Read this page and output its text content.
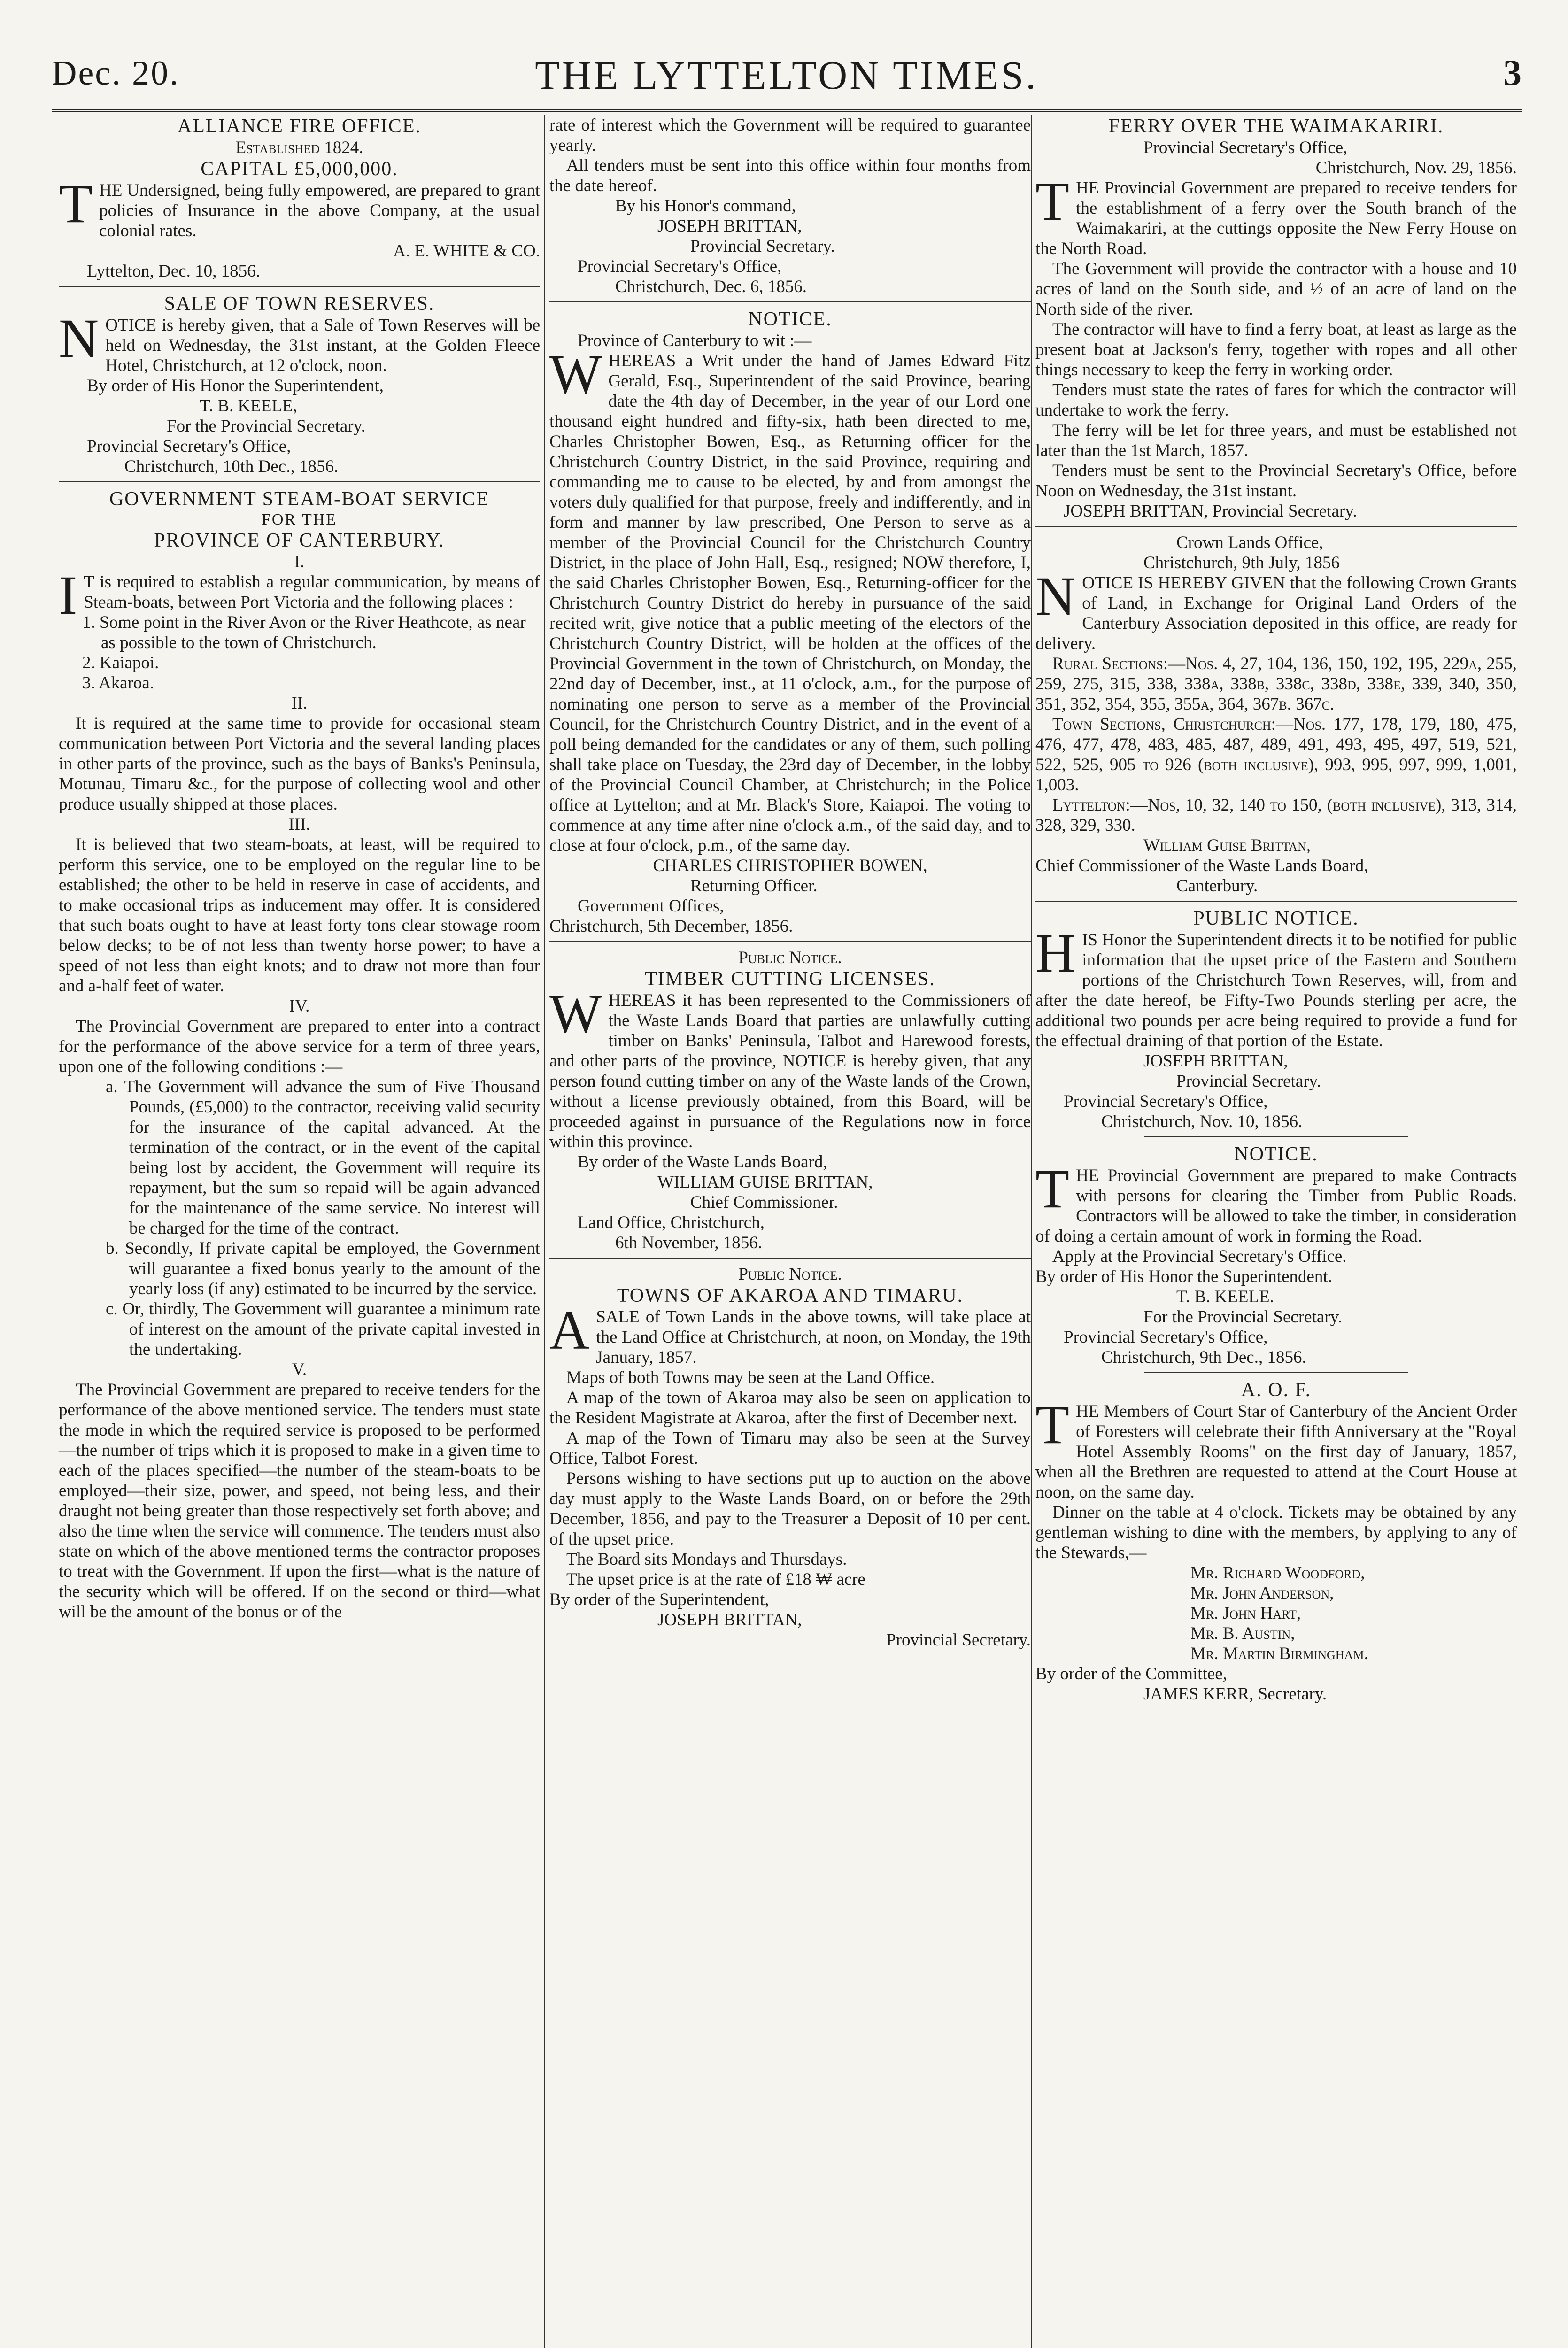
Dec. 20.	THE LYTTELTON TIMES.	3
ALLIANCE FIRE OFFICE.
Established 1824.
CAPITAL £5,000,000.
THE Undersigned, being fully empowered, are prepared to grant policies of Insurance in the above Company, at the usual colonial rates.
A. E. WHITE & CO.
Lyttelton, Dec. 10, 1856.
SALE OF TOWN RESERVES.
NOTICE is hereby given, that a Sale of Town Reserves will be held on Wednesday, the 31st instant, at the Golden Fleece Hotel, Christchurch, at 12 o'clock, noon.
By order of His Honor the Superintendent,
T. B. KEELE,
For the Provincial Secretary.
Provincial Secretary's Office,
Christchurch, 10th Dec., 1856.
GOVERNMENT STEAM-BOAT SERVICE
FOR THE
PROVINCE OF CANTERBURY.
I.
IT is required to establish a regular communication, by means of Steam-boats, between Port Victoria and the following places :
1. Some point in the River Avon or the River Heathcote, as near as possible to the town of Christchurch.
2. Kaiapoi.
3. Akaroa.
II.
It is required at the same time to provide for occasional steam communication between Port Victoria and the several landing places in other parts of the province, such as the bays of Banks's Peninsula, Motunau, Timaru &c., for the purpose of collecting wool and other produce usually shipped at those places.
III.
It is believed that two steam-boats, at least, will be required to perform this service, one to be employed on the regular line to be established; the other to be held in reserve in case of accidents, and to make occasional trips as inducement may offer. It is considered that such boats ought to have at least forty tons clear stowage room below decks; to be of not less than twenty horse power; to have a speed of not less than eight knots; and to draw not more than four and a-half feet of water.
IV.
The Provincial Government are prepared to enter into a contract for the performance of the above service for a term of three years, upon one of the following conditions :—
a. The Government will advance the sum of Five Thousand Pounds, (£5,000) to the contractor, receiving valid security for the insurance of the capital advanced. At the termination of the contract, or in the event of the capital being lost by accident, the Government will require its repayment, but the sum so repaid will be again advanced for the maintenance of the same service. No interest will be charged for the time of the contract.
b. Secondly, If private capital be employed, the Government will guarantee a fixed bonus yearly to the amount of the yearly loss (if any) estimated to be incurred by the service.
c. Or, thirdly, The Government will guarantee a minimum rate of interest on the amount of the private capital invested in the undertaking.
V.
The Provincial Government are prepared to receive tenders for the performance of the above mentioned service. The tenders must state the mode in which the required service is proposed to be performed—the number of trips which it is proposed to make in a given time to each of the places specified—the number of the steam-boats to be employed—their size, power, and speed, not being less, and their draught not being greater than those respectively set forth above; and also the time when the service will commence. The tenders must also state on which of the above mentioned terms the contractor proposes to treat with the Government. If upon the first—what is the nature of the security which will be offered. If on the second or third—what will be the amount of the bonus or of the
rate of interest which the Government will be required to guarantee yearly.
All tenders must be sent into this office within four months from the date hereof.
By his Honor's command,
JOSEPH BRITTAN,
Provincial Secretary.
Provincial Secretary's Office,
Christchurch, Dec. 6, 1856.
NOTICE.
Province of Canterbury to wit :—
WHEREAS a Writ under the hand of James Edward Fitz Gerald, Esq., Superintendent of the said Province, bearing date the 4th day of December, in the year of our Lord one thousand eight hundred and fifty-six, hath been directed to me, Charles Christopher Bowen, Esq., as Returning officer for the Christchurch Country District, in the said Province, requiring and commanding me to cause to be elected, by and from amongst the voters duly qualified for that purpose, freely and indifferently, and in form and manner by law prescribed, One Person to serve as a member of the Provincial Council for the Christchurch Country District, in the place of John Hall, Esq., resigned; NOW therefore, I, the said Charles Christopher Bowen, Esq., Returning-officer for the Christchurch Country District do hereby in pursuance of the said recited writ, give notice that a public meeting of the electors of the Christchurch Country District, will be holden at the offices of the Provincial Government in the town of Christchurch, on Monday, the 22nd day of December, inst., at 11 o'clock, a.m., for the purpose of nominating one person to serve as a member of the Provincial Council, for the Christchurch Country District, and in the event of a poll being demanded for the candidates or any of them, such polling shall take place on Tuesday, the 23rd day of December, in the lobby of the Provincial Council Chamber, at Christchurch; in the Police office at Lyttelton; and at Mr. Black's Store, Kaiapoi. The voting to commence at any time after nine o'clock a.m., of the said day, and to close at four o'clock, p.m., of the same day.
CHARLES CHRISTOPHER BOWEN,
Returning Officer.
Government Offices,
Christchurch, 5th December, 1856.
Public Notice.
TIMBER CUTTING LICENSES.
WHEREAS it has been represented to the Commissioners of the Waste Lands Board that parties are unlawfully cutting timber on Banks' Peninsula, Talbot and Harewood forests, and other parts of the province, NOTICE is hereby given, that any person found cutting timber on any of the Waste lands of the Crown, without a license previously obtained, from this Board, will be proceeded against in pursuance of the Regulations now in force within this province.
By order of the Waste Lands Board,
WILLIAM GUISE BRITTAN,
Chief Commissioner.
Land Office, Christchurch,
6th November, 1856.
Public Notice.
TOWNS OF AKAROA AND TIMARU.
ASALE of Town Lands in the above towns, will take place at the Land Office at Christchurch, at noon, on Monday, the 19th January, 1857.
Maps of both Towns may be seen at the Land Office.
A map of the town of Akaroa may also be seen on application to the Resident Magistrate at Akaroa, after the first of December next.
A map of the Town of Timaru may also be seen at the Survey Office, Talbot Forest.
Persons wishing to have sections put up to auction on the above day must apply to the Waste Lands Board, on or before the 29th December, 1856, and pay to the Treasurer a Deposit of 10 per cent. of the upset price.
The Board sits Mondays and Thursdays.
The upset price is at the rate of £18 ₩ acre
By order of the Superintendent,
JOSEPH BRITTAN,
Provincial Secretary.
FERRY OVER THE WAIMAKARIRI.
Provincial Secretary's Office,
Christchurch, Nov. 29, 1856.
THE Provincial Government are prepared to receive tenders for the establishment of a ferry over the South branch of the Waimakariri, at the cuttings opposite the New Ferry House on the North Road.
The Government will provide the contractor with a house and 10 acres of land on the South side, and ½ of an acre of land on the North side of the river.
The contractor will have to find a ferry boat, at least as large as the present boat at Jackson's ferry, together with ropes and all other things necessary to keep the ferry in working order.
Tenders must state the rates of fares for which the contractor will undertake to work the ferry.
The ferry will be let for three years, and must be established not later than the 1st March, 1857.
Tenders must be sent to the Provincial Secretary's Office, before Noon on Wednesday, the 31st instant.
JOSEPH BRITTAN, Provincial Secretary.
Crown Lands Office,
Christchurch, 9th July, 1856
NOTICE IS HEREBY GIVEN that the following Crown Grants of Land, in Exchange for Original Land Orders of the Canterbury Association deposited in this office, are ready for delivery.
Rural Sections:—Nos. 4, 27, 104, 136, 150, 192, 195, 229a, 255, 259, 275, 315, 338, 338a, 338b, 338c, 338d, 338e, 339, 340, 350, 351, 352, 354, 355, 355a, 364, 367b. 367c.
Town Sections, Christchurch:—Nos. 177, 178, 179, 180, 475, 476, 477, 478, 483, 485, 487, 489, 491, 493, 495, 497, 519, 521, 522, 525, 905 to 926 (both inclusive), 993, 995, 997, 999, 1,001, 1,003.
Lyttelton:—Nos, 10, 32, 140 to 150, (both inclusive), 313, 314, 328, 329, 330.
William Guise Brittan,
Chief Commissioner of the Waste Lands Board,
Canterbury.
PUBLIC NOTICE.
HIS Honor the Superintendent directs it to be notified for public information that the upset price of the Eastern and Southern portions of the Christchurch Town Reserves, will, from and after the date hereof, be Fifty-Two Pounds sterling per acre, the additional two pounds per acre being required to provide a fund for the effectual draining of that portion of the Estate.
JOSEPH BRITTAN,
Provincial Secretary.
Provincial Secretary's Office,
Christchurch, Nov. 10, 1856.
NOTICE.
THE Provincial Government are prepared to make Contracts with persons for clearing the Timber from Public Roads. Contractors will be allowed to take the timber, in consideration of doing a certain amount of work in forming the Road.
Apply at the Provincial Secretary's Office.
By order of His Honor the Superintendent.
T. B. KEELE.
For the Provincial Secretary.
Provincial Secretary's Office,
Christchurch, 9th Dec., 1856.
A. O. F.
THE Members of Court Star of Canterbury of the Ancient Order of Foresters will celebrate their fifth Anniversary at the "Royal Hotel Assembly Rooms" on the first day of January, 1857, when all the Brethren are requested to attend at the Court House at noon, on the same day.
Dinner on the table at 4 o'clock. Tickets may be obtained by any gentleman wishing to dine with the members, by applying to any of the Stewards,—
Mr. Richard Woodford,
Mr. John Anderson,
Mr. John Hart,
Mr. B. Austin,
Mr. Martin Birmingham.
By order of the Committee,
JAMES KERR, Secretary.
